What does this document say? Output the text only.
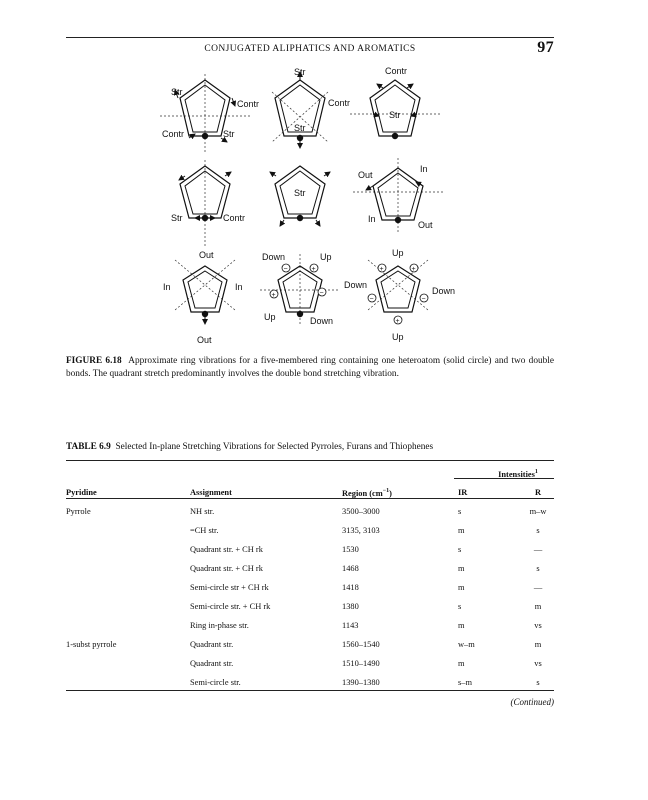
CONJUGATED ALIPHATICS AND AROMATICS	97
Str
Contr
Contr	Str
Str
Contr
Str
Contr
Str
Str	Contr
Str
Out
In
In
Out
Out
In	In
Out
−	+
+	−
Down	Up
Up	Down
+	+
−	−
+
Up
Down
Down
Up
FIGURE 6.18 Approximate ring vibrations for a five-membered ring containing one heteroatom (solid circle) and two double bonds. The quadrant stretch predominantly involves the double bond stretching vibration.
TABLE 6.9 Selected In-plane Stretching Vibrations for Selected Pyrroles, Furans and Thiophenes
			Intensities$^1$
Pyridine	Assignment	Region $(cm^{-1})$	IR	R
Pyrrole	NH str.	3500–3000	s	m–w
	=CH str.	3135, 3103	m	s
	Quadrant str. + CH rk	1530	s	—
	Quadrant str. + CH rk	1468	m	s
	Semi-circle str + CH rk	1418	m	—
	Semi-circle str. + CH rk	1380	s	m
	Ring in-phase str.	1143	m	vs
1-subst pyrrole	Quadrant str.	1560–1540	w–m	m
	Quadrant str.	1510–1490	m	vs
	Semi-circle str.	1390–1380	s–m	s
(Continued)
